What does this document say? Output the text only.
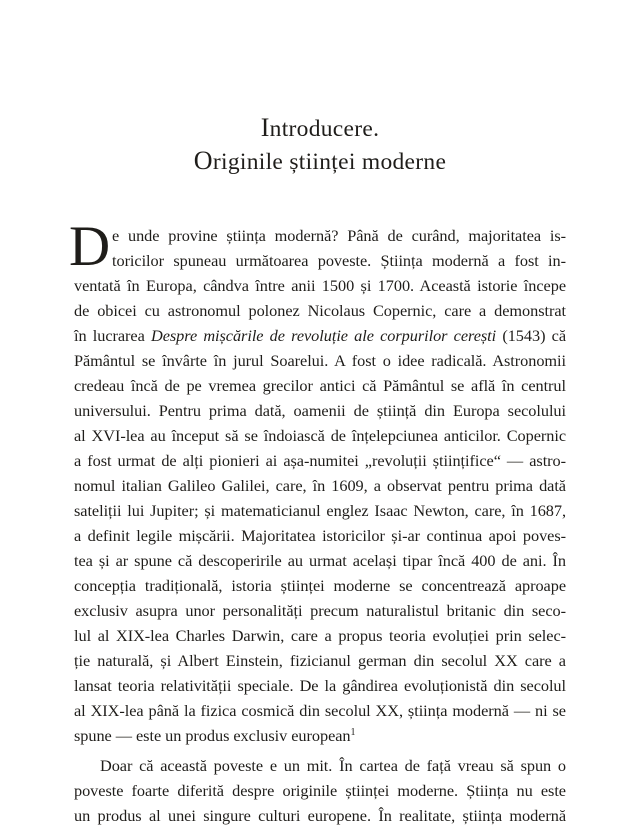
Introducere.
Originile științei moderne
D e unde provine știința modernă? Până de curând, majoritatea is-
toricilor spuneau următoarea poveste. Știința modernă a fost in-
ventată în Europa, cândva între anii 1500 și 1700. Această istorie începe
de obicei cu astronomul polonez Nicolaus Copernic, care a demonstrat
în lucrarea Despre mișcările de revoluție ale corpurilor cerești (1543) că
Pământul se învârte în jurul Soarelui. A fost o idee radicală. Astronomii
credeau încă de pe vremea grecilor antici că Pământul se află în centrul
universului. Pentru prima dată, oamenii de știință din Europa secolului
al XVI-lea au început să se îndoiască de înțelepciunea anticilor. Copernic
a fost urmat de alți pionieri ai așa-numitei „revoluții științifice“ — astro-
nomul italian Galileo Galilei, care, în 1609, a observat pentru prima dată
sateliții lui Jupiter; și matematicianul englez Isaac Newton, care, în 1687,
a definit legile mișcării. Majoritatea istoricilor și-ar continua apoi poves-
tea și ar spune că descoperirile au urmat același tipar încă 400 de ani. În
concepția tradițională, istoria științei moderne se concentrează aproape
exclusiv asupra unor personalități precum naturalistul britanic din seco-
lul al XIX-lea Charles Darwin, care a propus teoria evoluției prin selec-
ție naturală, și Albert Einstein, fizicianul german din secolul XX care a
lansat teoria relativității speciale. De la gândirea evoluționistă din secolul
al XIX-lea până la fizica cosmică din secolul XX, știința modernă — ni se
spune — este un produs exclusiv european$^1$
Doar că această poveste e un mit. În cartea de față vreau să spun o
poveste foarte diferită despre originile științei moderne. Știința nu este
un produs al unei singure culturi europene. În realitate, știința modernă
